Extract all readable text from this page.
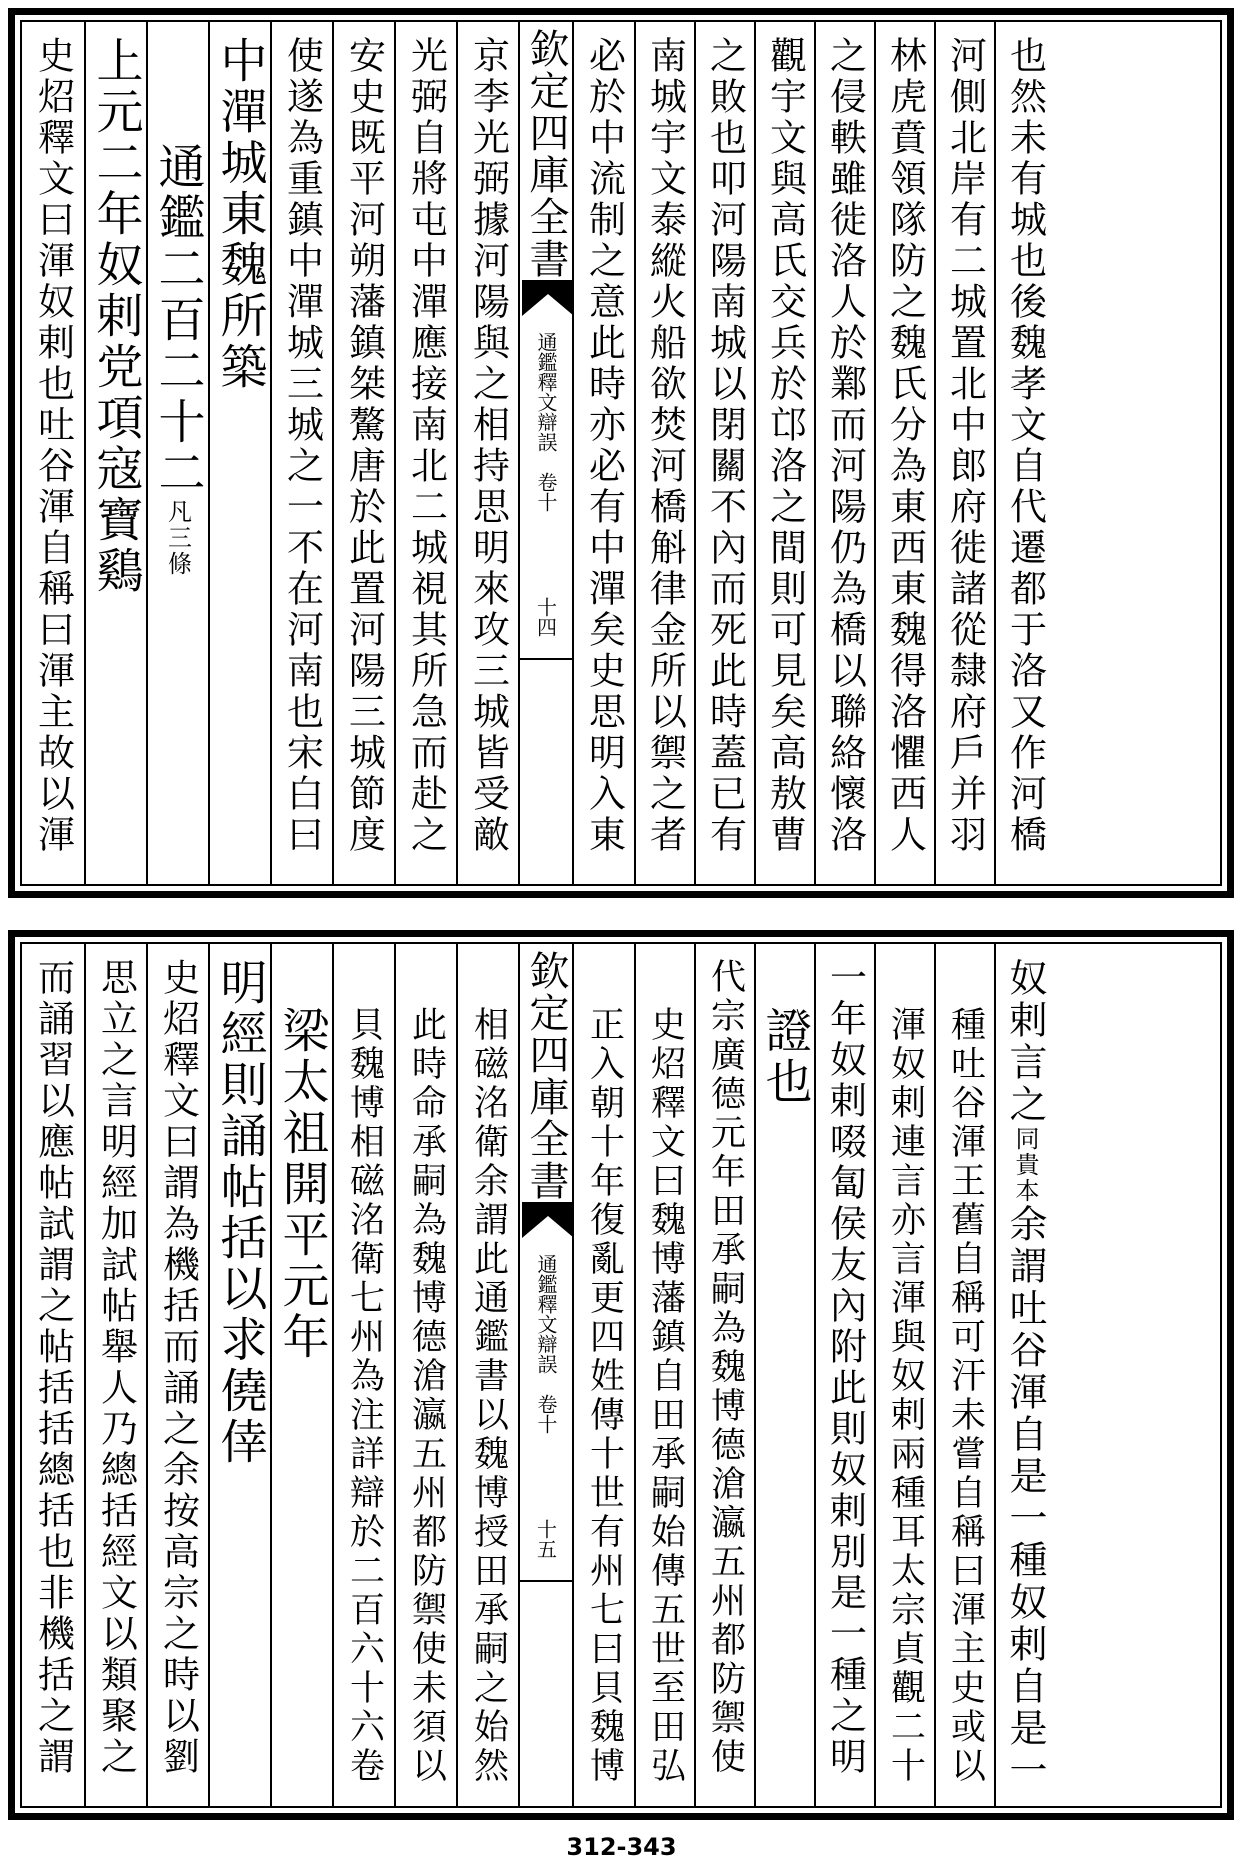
史炤釋文曰渾奴剌也吐谷渾自稱曰渾主故以渾 上元二年奴剌党項寇寶鷄 通鑑二百二十二凡三條
中潬城東魏所築 使遂為重鎮中潬城三城之一不在河南也宋白曰 安史既平河朔藩鎮桀驁唐於此置河陽三城節度 光弼自將屯中潬應接南北二城視其所急而赴之 京李光弼據河陽與之相持思明來攻三城皆受敵 欽定四庫全書
通鑑釋文辯誤　卷十
十四 必於中流制之意此時亦必有中潬矣史思明入東 南城宇文泰縱火船欲焚河橋斛律金所以禦之者 之敗也叩河陽南城以閉關不內而死此時蓋已有 觀宇文與高氏交兵於邙洛之間則可見矣高敖曹 之侵軼雖徙洛人於鄴而河陽仍為橋以聯絡懷洛 林虎賁領隊防之魏氏分為東西東魏得洛懼西人 河側北岸有二城置北中郎府徙諸從隸府戶并羽 也然未有城也後魏孝文自代遷都于洛又作河橋
而誦習以應帖試謂之帖括括總括也非機括之謂 思立之言明經加試帖舉人乃總括經文以類聚之 史炤釋文曰謂為機括而誦之余按高宗之時以劉 明經則誦帖括以求僥倖 梁太祖開平元年 貝魏博相磁洺衛七州為注詳辯於二百六十六卷 此時命承嗣為魏博德滄瀛五州都防禦使未須以 相磁洺衛余謂此通鑑書以魏博授田承嗣之始然 欽定四庫全書
通鑑釋文辯誤　卷十
十五 正入朝十年復亂更四姓傳十世有州七曰貝魏博 史炤釋文曰魏博藩鎮自田承嗣始傳五世至田弘 代宗廣德元年田承嗣為魏博德滄瀛五州都防禦使 證也 一年奴剌啜匐侯友內附此則奴剌別是一種之明 渾奴剌連言亦言渾與奴剌兩種耳太宗貞觀二十 種吐谷渾王舊自稱可汗未嘗自稱曰渾主史或以 奴剌言之同貴本余謂吐谷渾自是一種奴剌自是一
312-343
